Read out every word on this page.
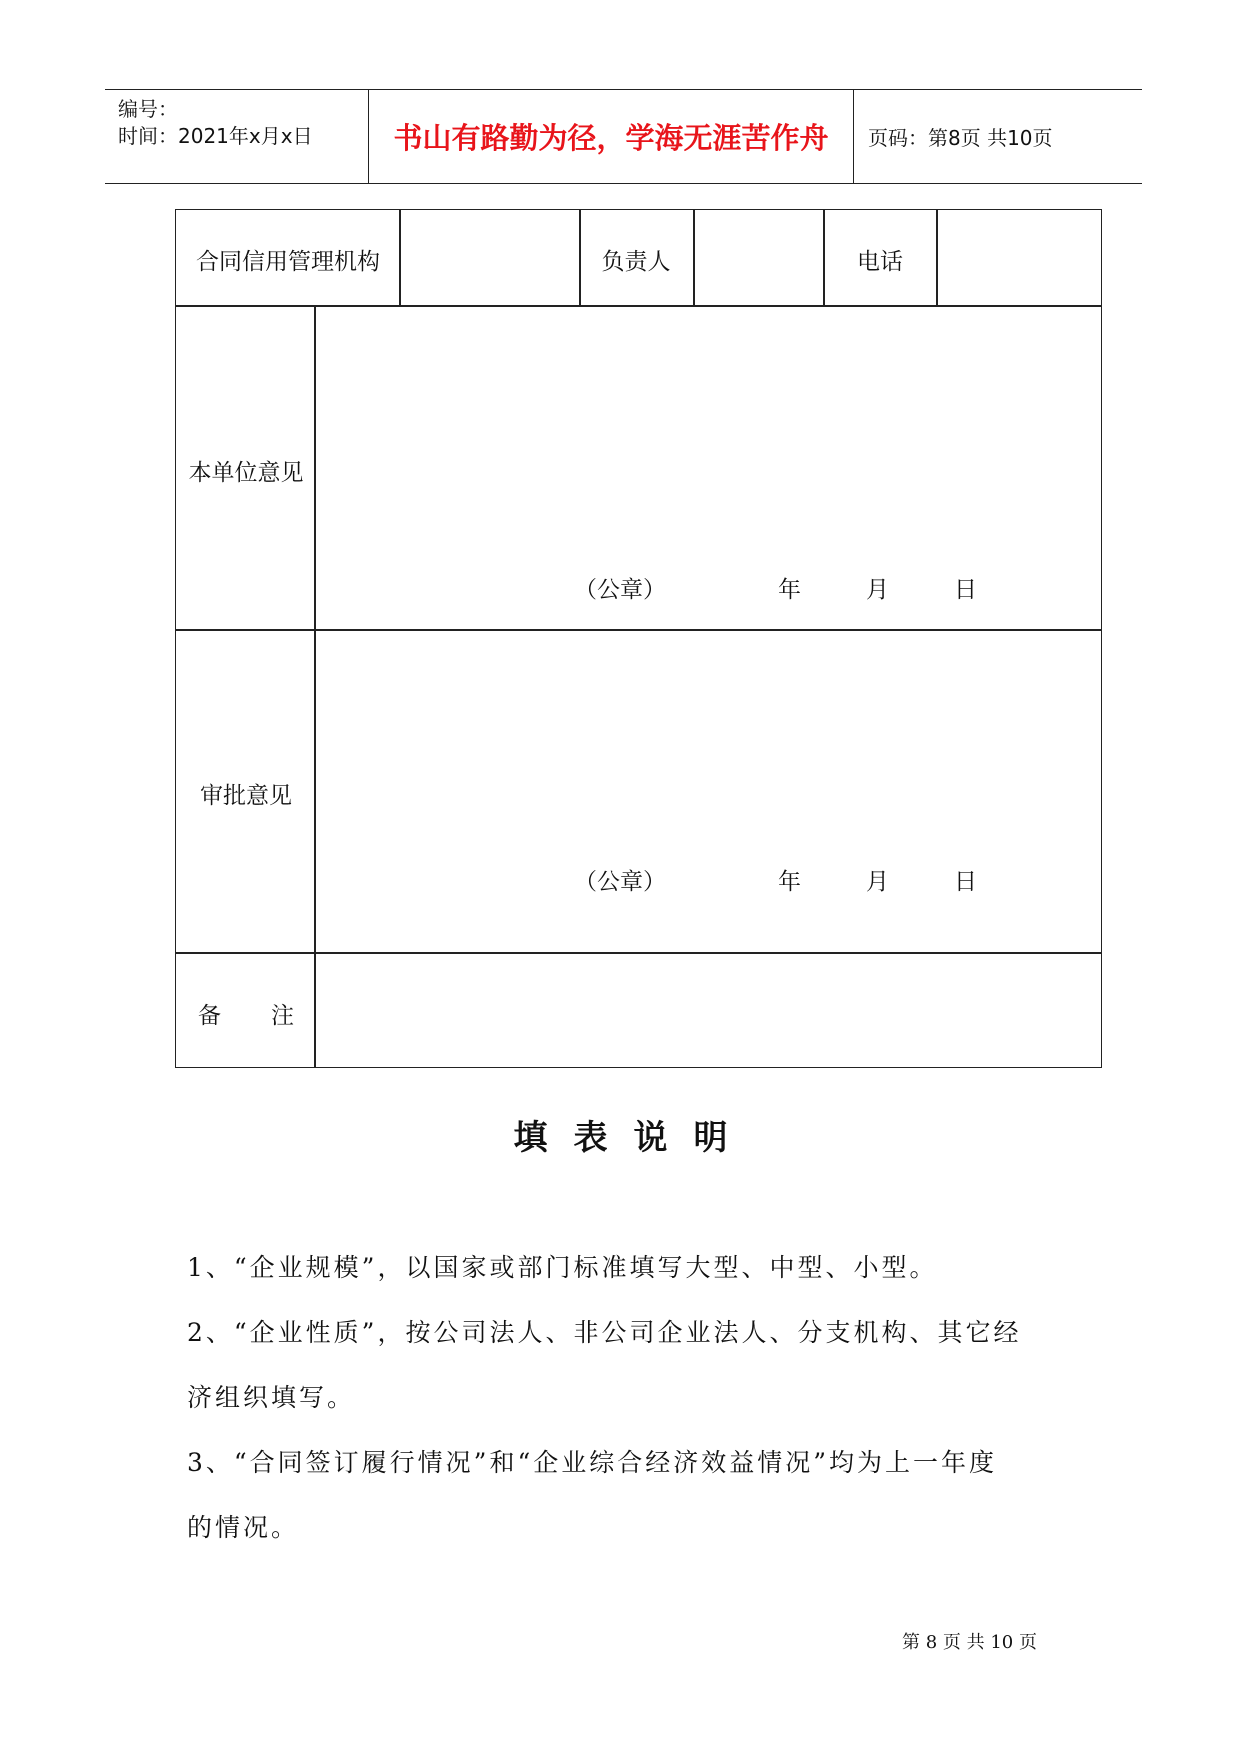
编号：
时间：2021年x月x日	书山有路勤为径，学海无涯苦作舟	页码：第8页 共10页
合同信用管理机构	负责人	电话
本单位意见
（公章）	年	月	日
审批意见
（公章）	年	月	日
备 注
填表说明
1、“企业规模”，以国家或部门标准填写大型、中型、小型。
2、“企业性质”，按公司法人、非公司企业法人、分支机构、其它经
济组织填写。
3、“合同签订履行情况”和“企业综合经济效益情况”均为上一年度
的情况。
第 8 页 共 10 页
